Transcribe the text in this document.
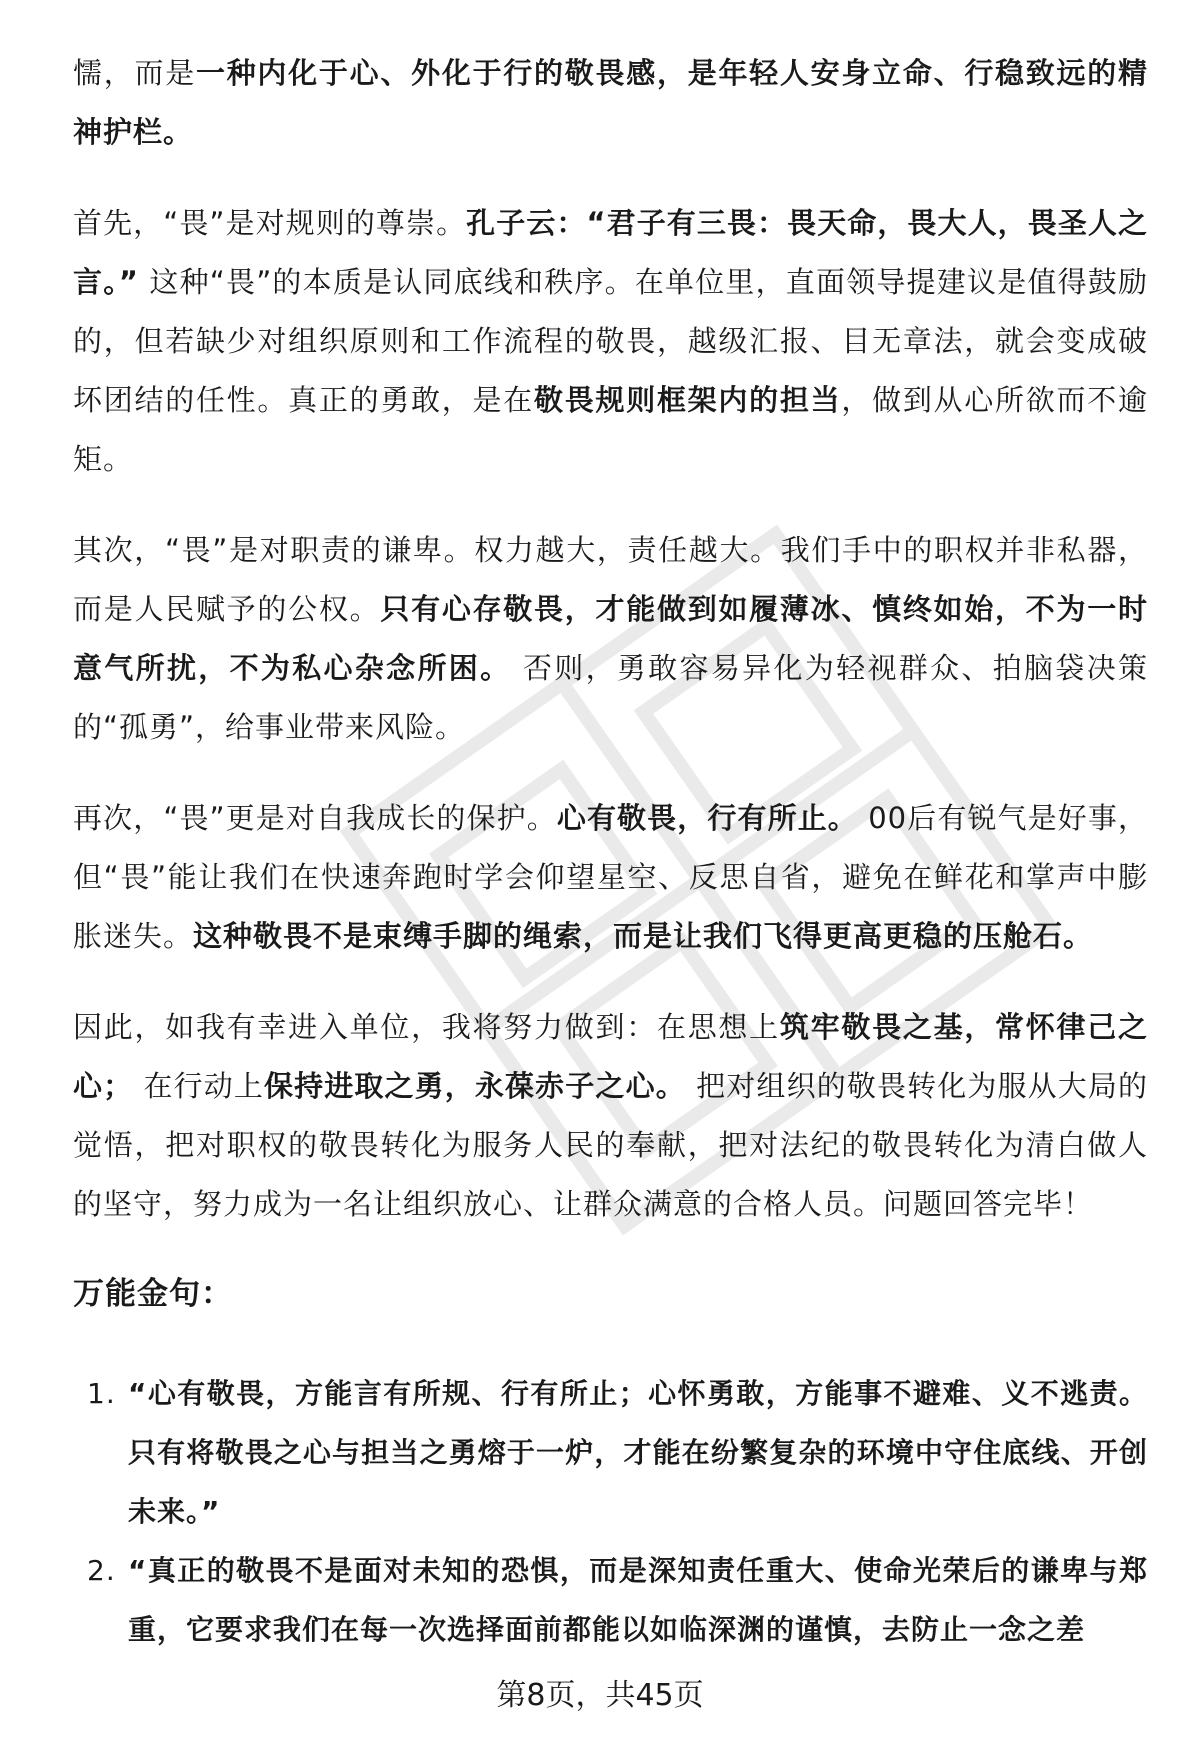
懦，而是一种内化于心、外化于行的敬畏感，是年轻人安身立命、行稳致远的精神护栏。

首先，“畏”是对规则的尊崇。孔子云：“君子有三畏：畏天命，畏大人，畏圣人之言。” 这种“畏”的本质是认同底线和秩序。在单位里，直面领导提建议是值得鼓励的，但若缺少对组织原则和工作流程的敬畏，越级汇报、目无章法，就会变成破坏团结的任性。真正的勇敢，是在敬畏规则框架内的担当，做到从心所欲而不逾矩。

其次，“畏”是对职责的谦卑。权力越大，责任越大。我们手中的职权并非私器，而是人民赋予的公权。只有心存敬畏，才能做到如履薄冰、慎终如始，不为一时意气所扰，不为私心杂念所困。 否则，勇敢容易异化为轻视群众、拍脑袋决策的“孤勇”，给事业带来风险。

再次，“畏”更是对自我成长的保护。心有敬畏，行有所止。 00后有锐气是好事，但“畏”能让我们在快速奔跑时学会仰望星空、反思自省，避免在鲜花和掌声中膨胀迷失。这种敬畏不是束缚手脚的绳索，而是让我们飞得更高更稳的压舱石。

因此，如我有幸进入单位，我将努力做到：在思想上筑牢敬畏之基，常怀律己之心； 在行动上保持进取之勇，永葆赤子之心。 把对组织的敬畏转化为服从大局的觉悟，把对职权的敬畏转化为服务人民的奉献，把对法纪的敬畏转化为清白做人的坚守，努力成为一名让组织放心、让群众满意的合格人员。问题回答完毕！

万能金句：
1. “心有敬畏，方能言有所规、行有所止；心怀勇敢，方能事不避难、义不逃责。只有将敬畏之心与担当之勇熔于一炉，才能在纷繁复杂的环境中守住底线、开创未来。”
2. “真正的敬畏不是面对未知的恐惧，而是深知责任重大、使命光荣后的谦卑与郑重，它要求我们在每一次选择面前都能以如临深渊的谨慎，去防止一念之差
第8页，共45页
